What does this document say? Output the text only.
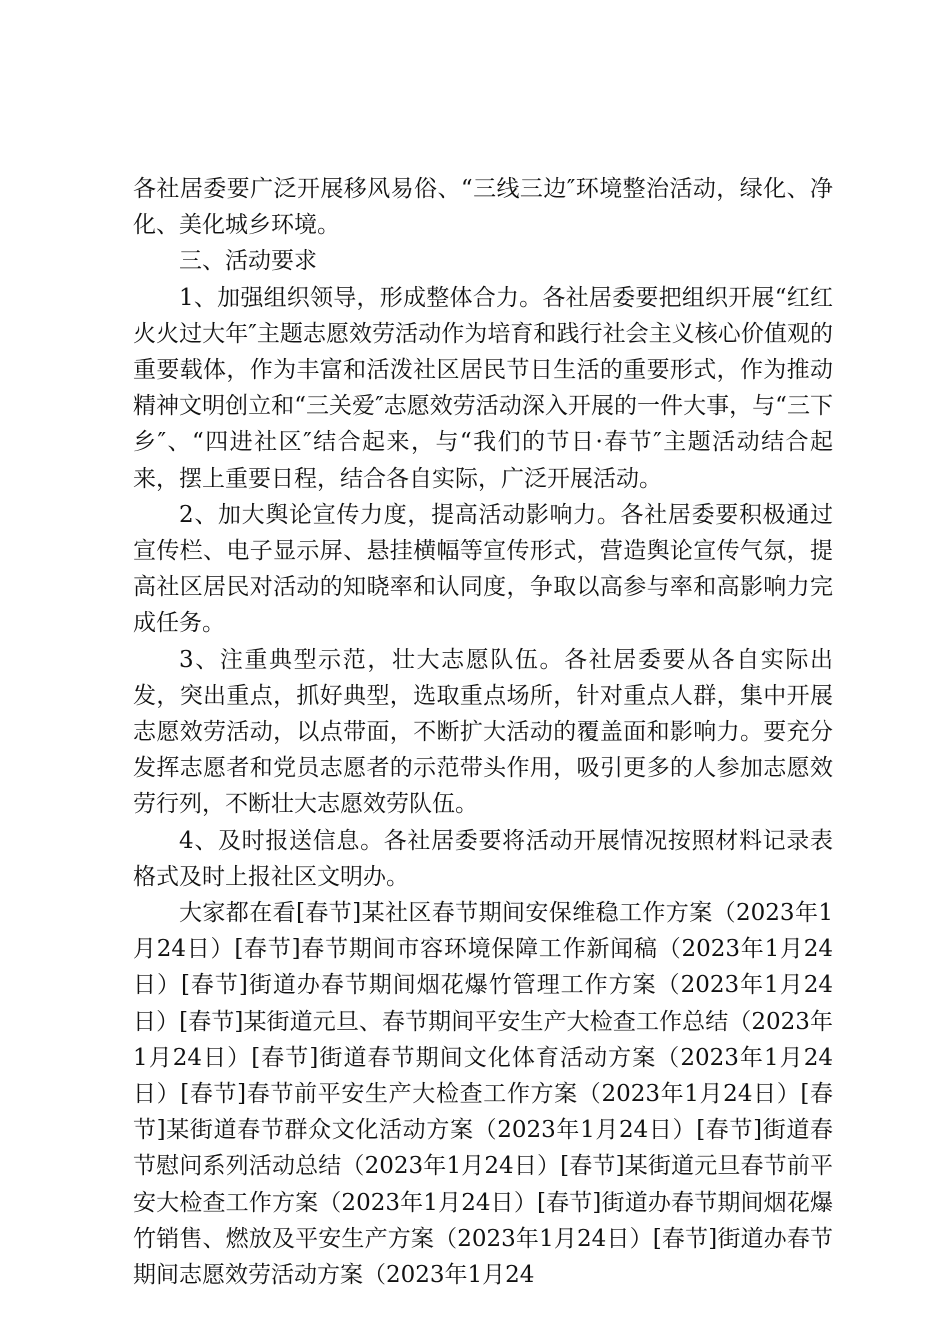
各社居委要广泛开展移风易俗、“三线三边″环境整治活动，绿化、净化、美化城乡环境。

三、活动要求

1、加强组织领导，形成整体合力。各社居委要把组织开展“红红火火过大年″主题志愿效劳活动作为培育和践行社会主义核心价值观的重要载体，作为丰富和活泼社区居民节日生活的重要形式，作为推动精神文明创立和“三关爱″志愿效劳活动深入开展的一件大事，与“三下乡″、“四进社区″结合起来，与“我们的节日·春节″主题活动结合起来，摆上重要日程，结合各自实际，广泛开展活动。

2、加大舆论宣传力度，提高活动影响力。各社居委要积极通过宣传栏、电子显示屏、悬挂横幅等宣传形式，营造舆论宣传气氛，提高社区居民对活动的知晓率和认同度，争取以高参与率和高影响力完成任务。

3、注重典型示范，壮大志愿队伍。各社居委要从各自实际出发，突出重点，抓好典型，选取重点场所，针对重点人群，集中开展志愿效劳活动，以点带面，不断扩大活动的覆盖面和影响力。要充分发挥志愿者和党员志愿者的示范带头作用，吸引更多的人参加志愿效劳行列，不断壮大志愿效劳队伍。

4、及时报送信息。各社居委要将活动开展情况按照材料记录表格式及时上报社区文明办。

大家都在看[春节]某社区春节期间安保维稳工作方案（2023年1月24日）[春节]春节期间市容环境保障工作新闻稿（2023年1月24日）[春节]街道办春节期间烟花爆竹管理工作方案（2023年1月24日）[春节]某街道元旦、春节期间平安生产大检查工作总结（2023年1月24日）[春节]街道春节期间文化体育活动方案（2023年1月24日）[春节]春节前平安生产大检查工作方案（2023年1月24日）[春节]某街道春节群众文化活动方案（2023年1月24日）[春节]街道春节慰问系列活动总结（2023年1月24日）[春节]某街道元旦春节前平安大检查工作方案（2023年1月24日）[春节]街道办春节期间烟花爆竹销售、燃放及平安生产方案（2023年1月24日）[春节]街道办春节期间志愿效劳活动方案（2023年1月24
